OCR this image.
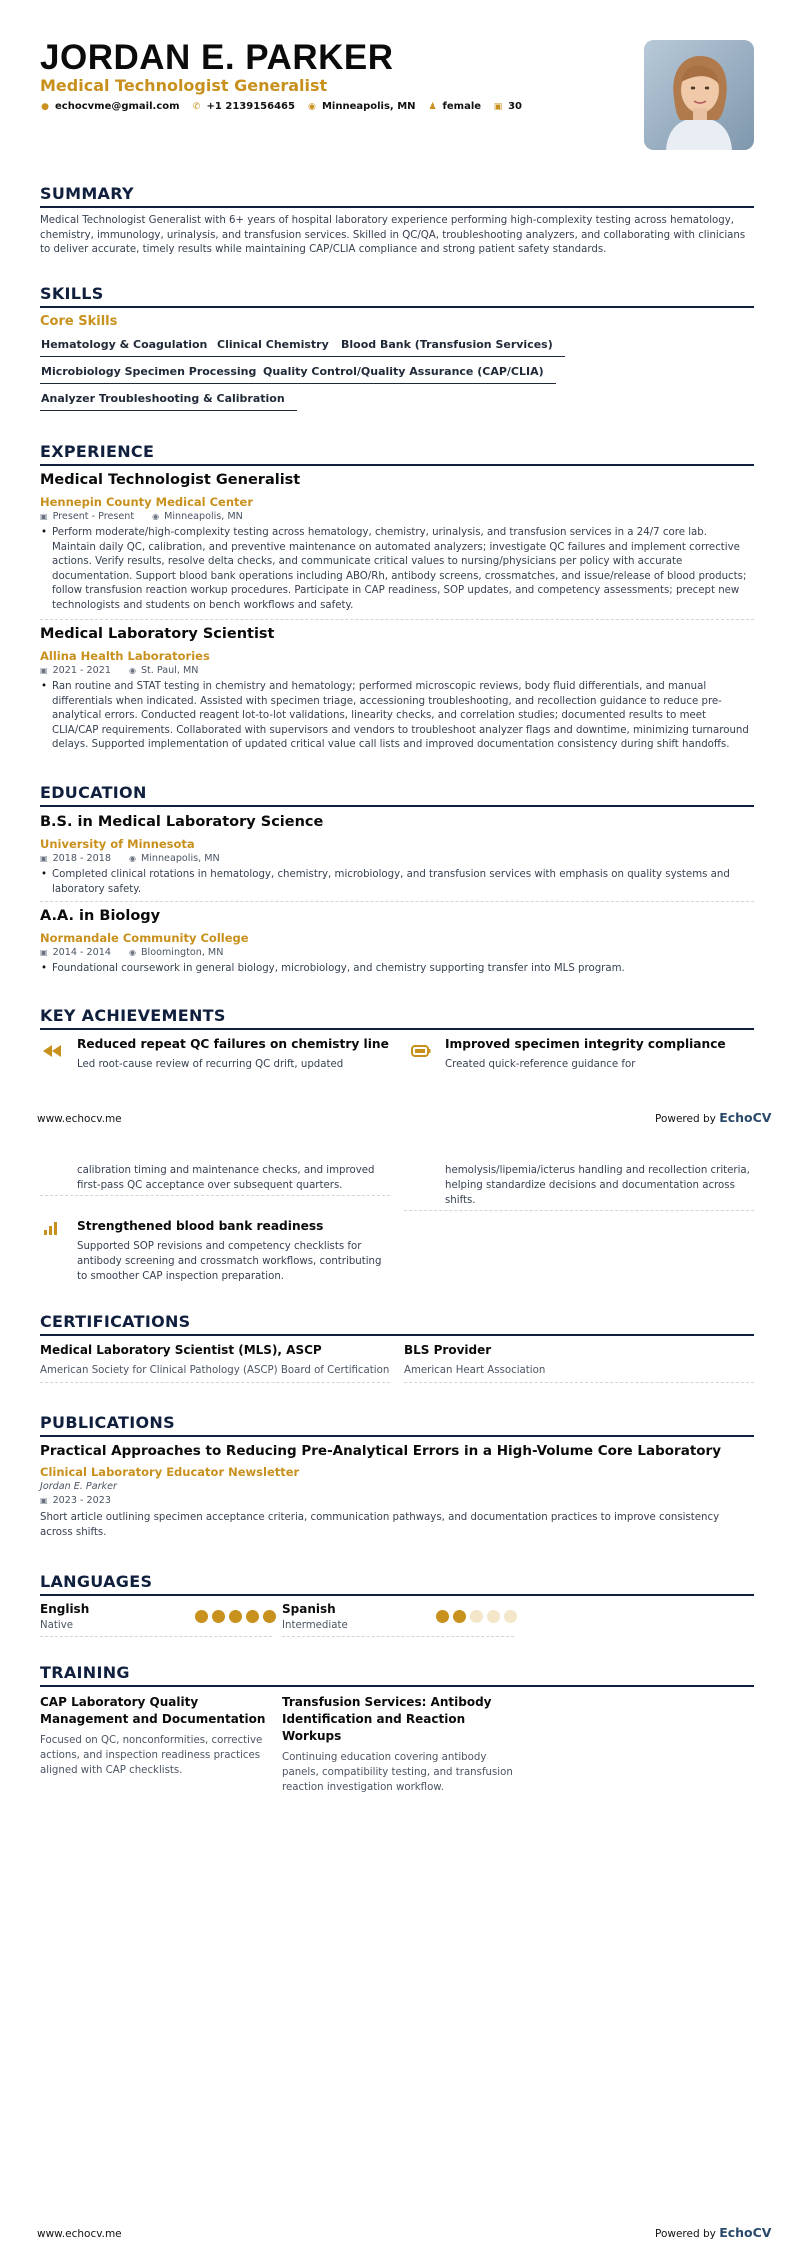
JORDAN E. PARKER
Medical Technologist Generalist
● echocvme@gmail.com ✆ +1 2139156465 ◉ Minneapolis, MN ♟ female ▣ 30
SUMMARY
Medical Technologist Generalist with 6+ years of hospital laboratory experience performing high-complexity testing across hematology, chemistry, immunology, urinalysis, and transfusion services. Skilled in QC/QA, troubleshooting analyzers, and collaborating with clinicians to deliver accurate, timely results while maintaining CAP/CLIA compliance and strong patient safety standards.
SKILLS
Core Skills
Hematology & Coagulation Clinical Chemistry	Blood Bank (Transfusion Services)
Microbiology Specimen Processing Quality Control/Quality Assurance (CAP/CLIA)
Analyzer Troubleshooting & Calibration
EXPERIENCE
Medical Technologist Generalist
Hennepin County Medical Center
▣ Present - Present ◉ Minneapolis, MN
• Perform moderate/high-complexity testing across hematology, chemistry, urinalysis, and transfusion services in a 24/7 core lab. Maintain daily QC, calibration, and preventive maintenance on automated analyzers; investigate QC failures and implement corrective actions. Verify results, resolve delta checks, and communicate critical values to nursing/physicians per policy with accurate documentation. Support blood bank operations including ABO/Rh, antibody screens, crossmatches, and issue/release of blood products; follow transfusion reaction workup procedures. Participate in CAP readiness, SOP updates, and competency assessments; precept new technologists and students on bench workflows and safety.
Medical Laboratory Scientist
Allina Health Laboratories
▣ 2021 - 2021 ◉ St. Paul, MN
• Ran routine and STAT testing in chemistry and hematology; performed microscopic reviews, body fluid differentials, and manual differentials when indicated. Assisted with specimen triage, accessioning troubleshooting, and recollection guidance to reduce pre-analytical errors. Conducted reagent lot-to-lot validations, linearity checks, and correlation studies; documented results to meet CLIA/CAP requirements. Collaborated with supervisors and vendors to troubleshoot analyzer flags and downtime, minimizing turnaround delays. Supported implementation of updated critical value call lists and improved documentation consistency during shift handoffs.
EDUCATION
B.S. in Medical Laboratory Science
University of Minnesota
▣ 2018 - 2018 ◉ Minneapolis, MN
• Completed clinical rotations in hematology, chemistry, microbiology, and transfusion services with emphasis on quality systems and laboratory safety.
A.A. in Biology
Normandale Community College
▣ 2014 - 2014 ◉ Bloomington, MN
• Foundational coursework in general biology, microbiology, and chemistry supporting transfer into MLS program.
KEY ACHIEVEMENTS
Reduced repeat QC failures on chemistry line
Led root-cause review of recurring QC drift, updated
Improved specimen integrity compliance
Created quick-reference guidance for
www.echocv.me	Powered by EchoCV
calibration timing and maintenance checks, and improved first-pass QC acceptance over subsequent quarters.
hemolysis/lipemia/icterus handling and recollection criteria, helping standardize decisions and documentation across shifts.
Strengthened blood bank readiness
Supported SOP revisions and competency checklists for antibody screening and crossmatch workflows, contributing to smoother CAP inspection preparation.
CERTIFICATIONS
Medical Laboratory Scientist (MLS), ASCP
American Society for Clinical Pathology (ASCP) Board of Certification
BLS Provider
American Heart Association
PUBLICATIONS
Practical Approaches to Reducing Pre-Analytical Errors in a High-Volume Core Laboratory
Clinical Laboratory Educator Newsletter
Jordan E. Parker
▣ 2023 - 2023
Short article outlining specimen acceptance criteria, communication pathways, and documentation practices to improve consistency across shifts.
LANGUAGES
English
Native
Spanish
Intermediate
TRAINING
CAP Laboratory Quality Management and Documentation
Focused on QC, nonconformities, corrective actions, and inspection readiness practices aligned with CAP checklists.
Transfusion Services: Antibody Identification and Reaction Workups
Continuing education covering antibody panels, compatibility testing, and transfusion reaction investigation workflow.
www.echocv.me	Powered by EchoCV
